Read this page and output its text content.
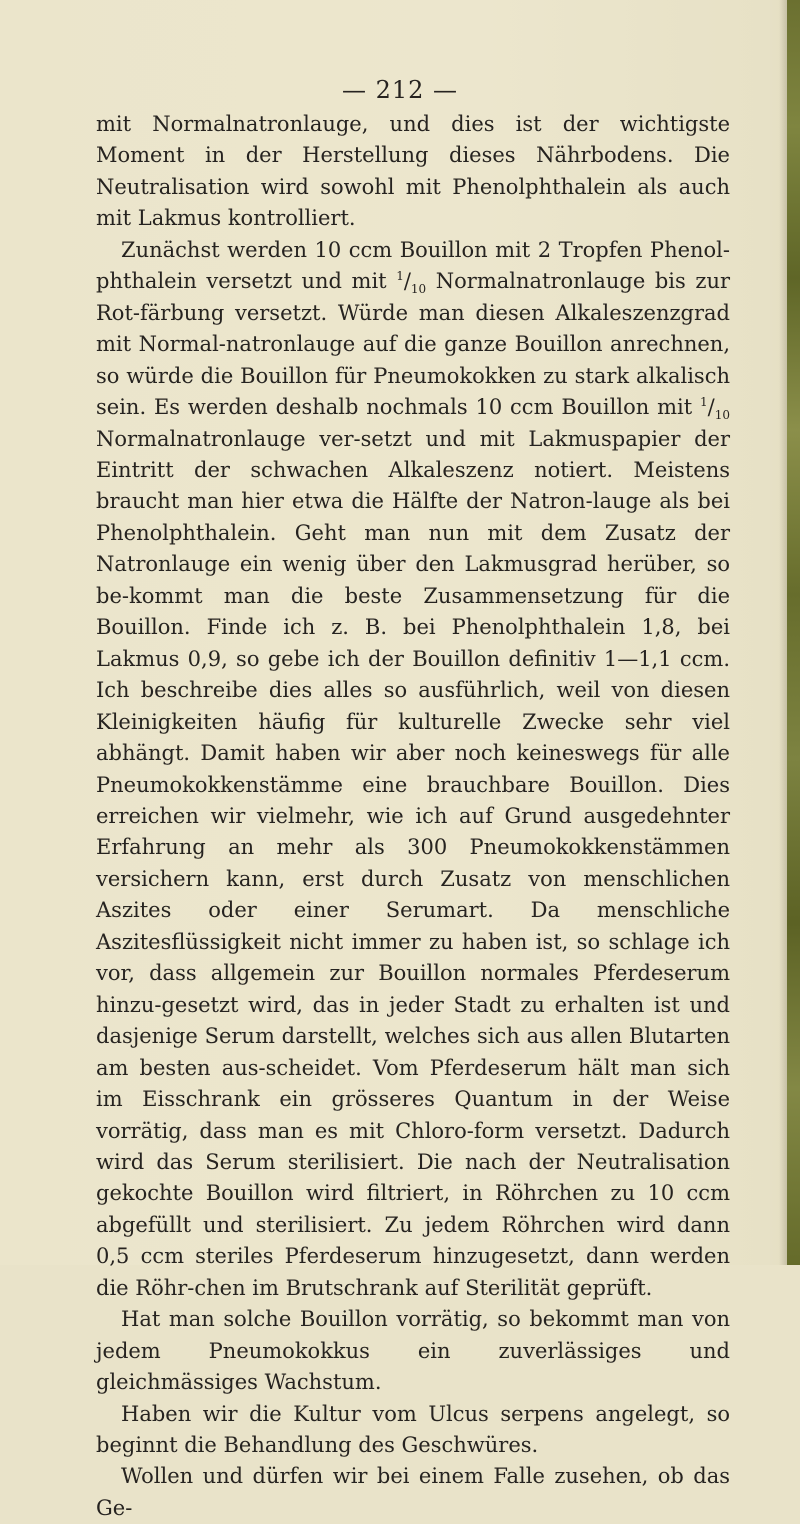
— 212 —

mit Normalnatronlauge, und dies ist der wichtigste Moment in der Herstellung dieses Nährbodens. Die Neutralisation wird sowohl mit Phenolphthalein als auch mit Lakmus kontrolliert.

Zunächst werden 10 ccm Bouillon mit 2 Tropfen Phenol-phthalein versetzt und mit $^1/_{10}$ Normalnatronlauge bis zur Rot-färbung versetzt. Würde man diesen Alkaleszenzgrad mit Normal-natronlauge auf die ganze Bouillon anrechnen, so würde die Bouillon für Pneumokokken zu stark alkalisch sein. Es werden deshalb nochmals 10 ccm Bouillon mit $^1/_{10}$ Normalnatronlauge ver-setzt und mit Lakmuspapier der Eintritt der schwachen Alkaleszenz notiert. Meistens braucht man hier etwa die Hälfte der Natron-lauge als bei Phenolphthalein. Geht man nun mit dem Zusatz der Natronlauge ein wenig über den Lakmusgrad herüber, so be-kommt man die beste Zusammensetzung für die Bouillon. Finde ich z. B. bei Phenolphthalein 1,8, bei Lakmus 0,9, so gebe ich der Bouillon definitiv 1—1,1 ccm. Ich beschreibe dies alles so ausführlich, weil von diesen Kleinigkeiten häufig für kulturelle Zwecke sehr viel abhängt. Damit haben wir aber noch keineswegs für alle Pneumokokkenstämme eine brauchbare Bouillon. Dies erreichen wir vielmehr, wie ich auf Grund ausgedehnter Erfahrung an mehr als 300 Pneumokokkenstämmen versichern kann, erst durch Zusatz von menschlichen Aszites oder einer Serumart. Da menschliche Aszitesflüssigkeit nicht immer zu haben ist, so schlage ich vor, dass allgemein zur Bouillon normales Pferdeserum hinzu-gesetzt wird, das in jeder Stadt zu erhalten ist und dasjenige Serum darstellt, welches sich aus allen Blutarten am besten aus-scheidet. Vom Pferdeserum hält man sich im Eisschrank ein grösseres Quantum in der Weise vorrätig, dass man es mit Chloro-form versetzt. Dadurch wird das Serum sterilisiert. Die nach der Neutralisation gekochte Bouillon wird filtriert, in Röhrchen zu 10 ccm abgefüllt und sterilisiert. Zu jedem Röhrchen wird dann 0,5 ccm steriles Pferdeserum hinzugesetzt, dann werden die Röhr-chen im Brutschrank auf Sterilität geprüft.

Hat man solche Bouillon vorrätig, so bekommt man von jedem Pneumokokkus ein zuverlässiges und gleichmässiges Wachstum.

Haben wir die Kultur vom Ulcus serpens angelegt, so beginnt die Behandlung des Geschwüres.

Wollen und dürfen wir bei einem Falle zusehen, ob das Ge-
